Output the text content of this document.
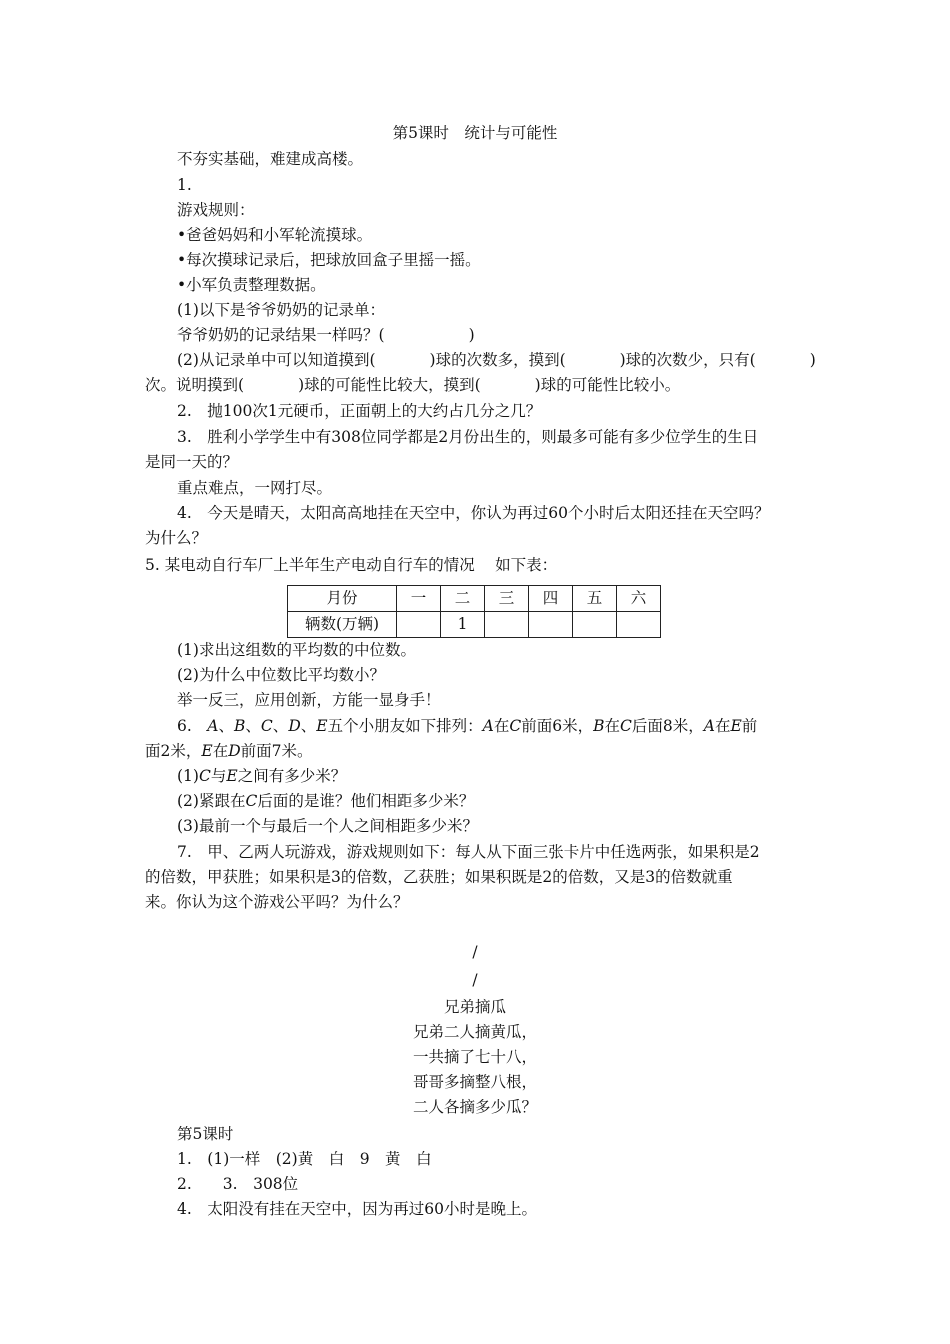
第5课时　统计与可能性
不夯实基础，难建成高楼。
1.
游戏规则：
•爸爸妈妈和小军轮流摸球。
•每次摸球记录后，把球放回盒子里摇一摇。
•小军负责整理数据。
(1)以下是爷爷奶奶的记录单：
爷爷奶奶的记录结果一样吗？(	)
(2)从记录单中可以知道摸到(	)球的次数多，摸到(	)球的次数少，只有(	)
次。说明摸到(	)球的可能性比较大，摸到(	)球的可能性比较小。
2.　抛100次1元硬币，正面朝上的大约占几分之几？
3.　胜利小学学生中有308位同学都是2月份出生的，则最多可能有多少位学生的生日
是同一天的？
重点难点，一网打尽。
4.　今天是晴天，太阳高高地挂在天空中，你认为再过60个小时后太阳还挂在天空吗？
为什么？
5. 某电动自行车厂上半年生产电动自行车的情况　 如下表：
月份	一	二	三	四	五	六
辆数(万辆)		1				
(1)求出这组数的平均数的中位数。
(2)为什么中位数比平均数小？
举一反三，应用创新，方能一显身手！
6.　A、B、C、D、E五个小朋友如下排列：A在C前面6米，B在C后面8米，A在E前
面2米，E在D前面7米。
(1)C与E之间有多少米？
(2)紧跟在C后面的是谁？他们相距多少米？
(3)最前一个与最后一个人之间相距多少米？
7.　甲、乙两人玩游戏，游戏规则如下：每人从下面三张卡片中任选两张，如果积是2
的倍数，甲获胜；如果积是3的倍数，乙获胜；如果积既是2的倍数，又是3的倍数就重
来。你认为这个游戏公平吗？为什么？
/
/
兄弟摘瓜
兄弟二人摘黄瓜，
一共摘了七十八，
哥哥多摘整八根，
二人各摘多少瓜？
第5课时
1.　(1)一样　(2)黄　白　9　黄　白
2.　　3.　308位
4.　太阳没有挂在天空中，因为再过60小时是晚上。
